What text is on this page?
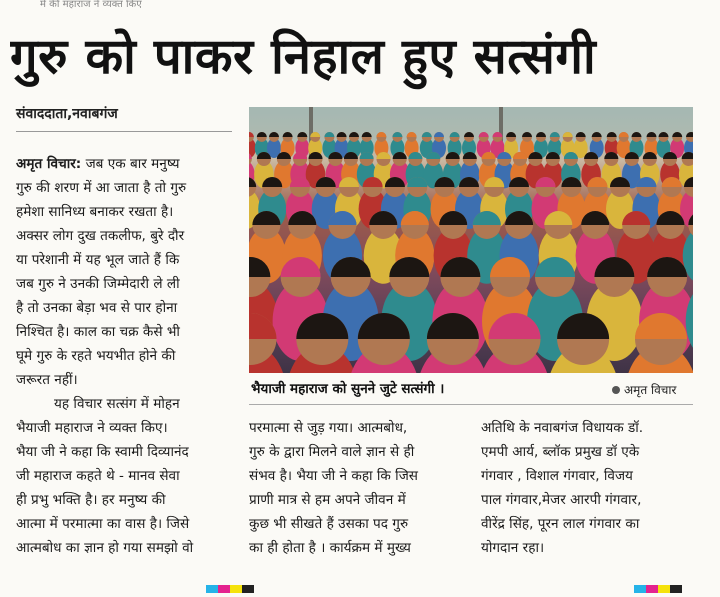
में की महाराज ने व्यक्त किए
गुरु को पाकर निहाल हुए सत्संगी
संवाददाता,नवाबगंज

अमृत विचार: जब एक बार मनुष्य
गुरु की शरण में आ जाता है तो गुरु
हमेशा सानिध्य बनाकर रखता है।
अक्सर लोग दुख तकलीफ, बुरे दौर
या परेशानी में यह भूल जाते हैं कि
जब गुरु ने उनकी जिम्मेदारी ले ली
है तो उनका बेड़ा भव से पार होना
निश्चित है। काल का चक्र कैसे भी
घूमे गुरु के रहते भयभीत होने की
जरूरत नहीं।

यह विचार सत्संग में मोहन
भैयाजी महाराज ने व्यक्त किए।
भैया जी ने कहा कि स्वामी दिव्यानंद
जी महाराज कहते थे - मानव सेवा
ही प्रभु भक्ति है। हर मनुष्य की
आत्मा में परमात्मा का वास है। जिसे
आत्मबोध का ज्ञान हो गया समझो वो

भैयाजी महाराज को सुनने जुटे सत्संगी ।	अमृत विचार

परमात्मा से जुड़ गया। आत्मबोध,
गुरु के द्वारा मिलने वाले ज्ञान से ही
संभव है। भैया जी ने कहा कि जिस
प्राणी मात्र से हम अपने जीवन में
कुछ भी सीखते हैं उसका पद गुरु
का ही होता है । कार्यक्रम में मुख्य

अतिथि के नवाबगंज विधायक डॉ.
एमपी आर्य, ब्लॉक प्रमुख डॉ एके
गंगवार , विशाल गंगवार, विजय
पाल गंगवार,मेजर आरपी गंगवार,
वीरेंद्र सिंह, पूरन लाल गंगवार का
योगदान रहा।
